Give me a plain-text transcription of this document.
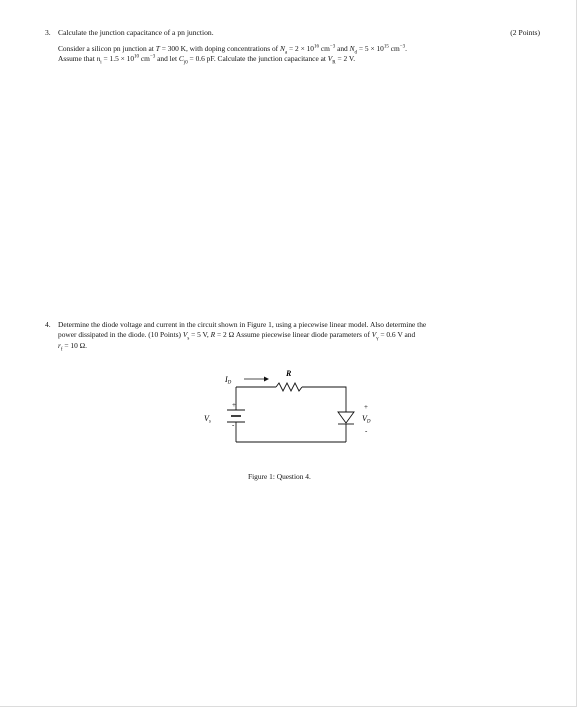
3. Calculate the junction capacitance of a pn junction.	(2 Points)
Consider a silicon pn junction at T = 300 K, with doping concentrations of $N_a = 2 \times 10^{16}$ $cm^{-3}$ and $N_d = 5 \times 10^{15}$ $cm^{-3}$.
Assume that $n_i = 1.5 \times 10^{10}$ $cm^{-3}$ and let $C_{j0} = 0.6$ pF. Calculate the junction capacitance at $V_R = 2$ V.
4. Determine the diode voltage and current in the circuit shown in Figure 1, using a piecewise linear model. Also determine the
power dissipated in the diode. (10 Points) $V_s = 5$ V, R = 2 Ω Assume piecewise linear diode parameters of $V_\gamma = 0.6$ V and
$r_f = 10$ Ω.
R
ID
+
-
Vs
+
VD
-
Figure 1: Question 4.
